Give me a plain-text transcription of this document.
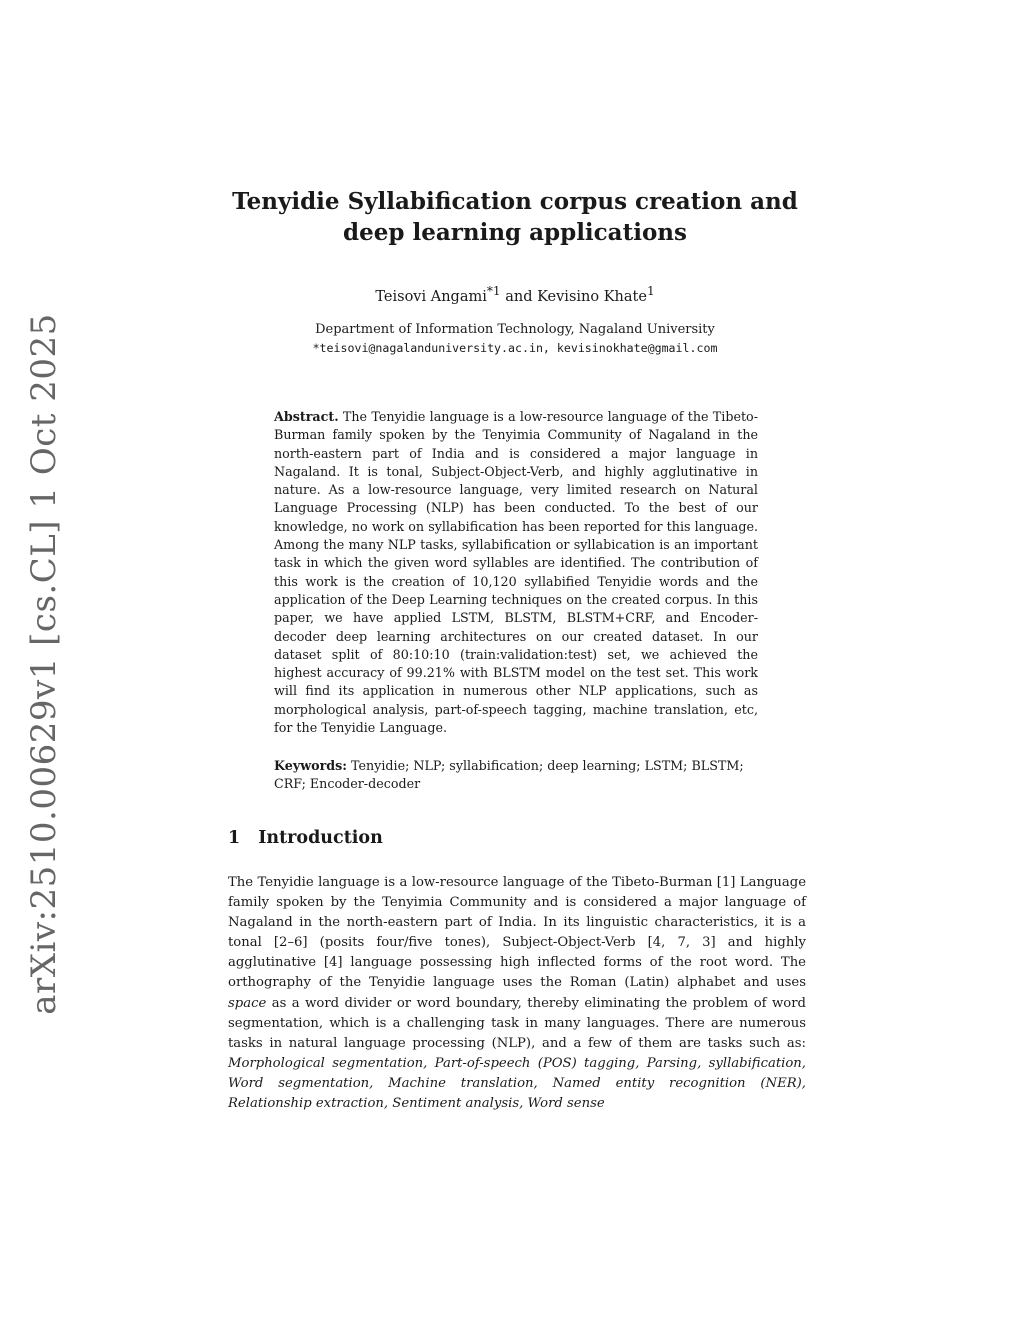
arXiv:2510.00629v1 [cs.CL] 1 Oct 2025
Tenyidie Syllabification corpus creation and deep learning applications
Teisovi Angami$^{*1}$ and Kevisino Khate$^1$
Department of Information Technology, Nagaland University
*teisovi@nagalanduniversity.ac.in, kevisinokhate@gmail.com

Abstract. The Tenyidie language is a low-resource language of the Tibeto-Burman family spoken by the Tenyimia Community of Nagaland in the north-eastern part of India and is considered a major language in Nagaland. It is tonal, Subject-Object-Verb, and highly agglutinative in nature. As a low-resource language, very limited research on Natural Language Processing (NLP) has been conducted. To the best of our knowledge, no work on syllabification has been reported for this language. Among the many NLP tasks, syllabification or syllabication is an important task in which the given word syllables are identified. The contribution of this work is the creation of 10,120 syllabified Tenyidie words and the application of the Deep Learning techniques on the created corpus. In this paper, we have applied LSTM, BLSTM, BLSTM+CRF, and Encoder-decoder deep learning architectures on our created dataset. In our dataset split of 80:10:10 (train:validation:test) set, we achieved the highest accuracy of 99.21% with BLSTM model on the test set. This work will find its application in numerous other NLP applications, such as morphological analysis, part-of-speech tagging, machine translation, etc, for the Tenyidie Language.

Keywords: Tenyidie; NLP; syllabification; deep learning; LSTM; BLSTM; CRF; Encoder-decoder

1 Introduction

The Tenyidie language is a low-resource language of the Tibeto-Burman [1] Language family spoken by the Tenyimia Community and is considered a major language of Nagaland in the north-eastern part of India. In its linguistic characteristics, it is a tonal [2–6] (posits four/five tones), Subject-Object-Verb [4, 7, 3] and highly agglutinative [4] language possessing high inflected forms of the root word. The orthography of the Tenyidie language uses the Roman (Latin) alphabet and uses space as a word divider or word boundary, thereby eliminating the problem of word segmentation, which is a challenging task in many languages. There are numerous tasks in natural language processing (NLP), and a few of them are tasks such as: Morphological segmentation, Part-of-speech (POS) tagging, Parsing, syllabification, Word segmentation, Machine translation, Named entity recognition (NER), Relationship extraction, Sentiment analysis, Word sense
